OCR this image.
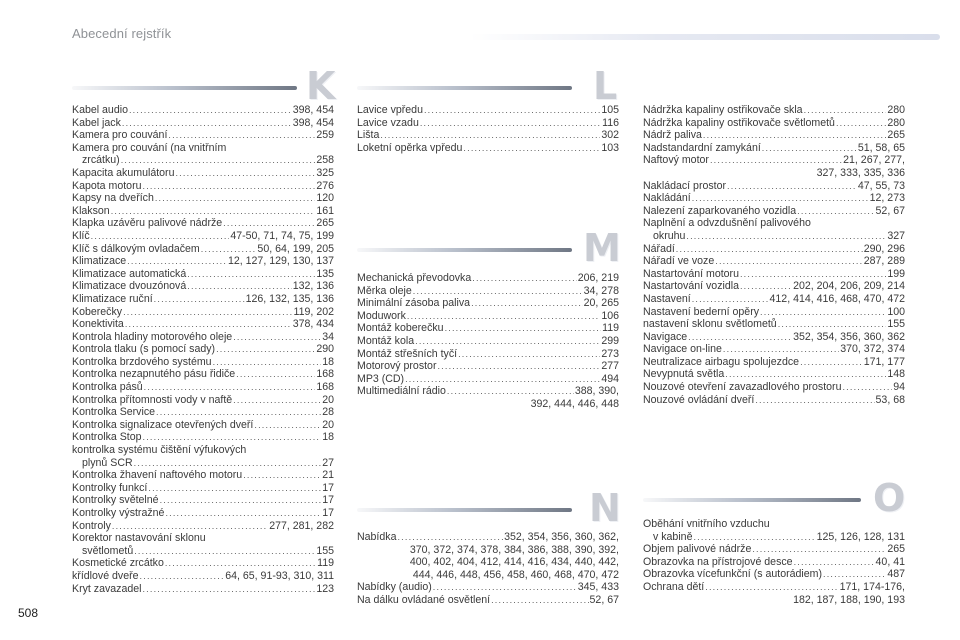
Abecední rejstřík
K	L
M
N	O
Kabel audio .....	398, 454
Kabel jack .....	398, 454
Kamera pro couvání .....	259
Kamera pro couvání (na vnitřním
zrcátku) .....	258
Kapacita akumulátoru .....	325
Kapota motoru .....	276
Kapsy na dveřích .....	120
Klakson .....	161
Klapka uzávěru palivové nádrže .....	265
Klíč .....	47-50, 71, 74, 75, 199
Klíč s dálkovým ovladačem .....	50, 64, 199, 205
Klimatizace .....	12, 127, 129, 130, 137
Klimatizace automatická .....	135
Klimatizace dvouzónová .....	132, 136
Klimatizace ruční .....	126, 132, 135, 136
Koberečky .....	119, 202
Konektivita .....	378, 434
Kontrola hladiny motorového oleje .....	34
Kontrola tlaku (s pomocí sady) .....	290
Kontrolka brzdového systému .....	18
Kontrolka nezapnutého pásu řidiče .....	168
Kontrolka pásů .....	168
Kontrolka přítomnosti vody v naftě .....	20
Kontrolka Service .....	28
Kontrolka signalizace otevřených dveří .....	20
Kontrolka Stop .....	18
kontrolka systému čištění výfukových
plynů SCR .....	27
Kontrolka žhavení naftového motoru .....	21
Kontrolky funkcí .....	17
Kontrolky světelné .....	17
Kontrolky výstražné .....	17
Kontroly .....	277, 281, 282
Korektor nastavování sklonu
světlometů .....	155
Kosmetické zrcátko .....	119
křídlové dveře .....	64, 65, 91-93, 310, 311
Kryt zavazadel .....	123
Lavice vpředu .....	105
Lavice vzadu .....	116
Lišta .....	302
Loketní opěrka vpředu .....	103
Mechanická převodovka .....	206, 219
Měrka oleje .....	34, 278
Minimální zásoba paliva .....	20, 265
Moduwork .....	106
Montáž koberečku .....	119
Montáž kola .....	299
Montáž střešních tyčí .....	273
Motorový prostor .....	277
MP3 (CD) .....	494
Multimediální rádio .....	388, 390,
392, 444, 446, 448
Nabídka .....	352, 354, 356, 360, 362,
370, 372, 374, 378, 384, 386, 388, 390, 392,
400, 402, 404, 412, 414, 416, 434, 440, 442,
444, 446, 448, 456, 458, 460, 468, 470, 472
Nabídky (audio) .....	345, 433
Na dálku ovládané osvětlení .....	52, 67
Nádržka kapaliny ostřikovače skla .....	280
Nádržka kapaliny ostřikovače světlometů .....	280
Nádrž paliva .....	265
Nadstandardní zamykání .....	51, 58, 65
Naftový motor .....	21, 267, 277,
327, 333, 335, 336
Nakládací prostor .....	47, 55, 73
Nakládání .....	12, 273
Nalezení zaparkovaného vozidla .....	52, 67
Naplnění a odvzdušnění palivového
okruhu .....	327
Nářadí .....	290, 296
Nářadí ve voze .....	287, 289
Nastartování motoru .....	199
Nastartování vozidla .....	202, 204, 206, 209, 214
Nastavení .....	412, 414, 416, 468, 470, 472
Nastavení bederní opěry .....	100
nastavení sklonu světlometů .....	155
Navigace .....	352, 354, 356, 360, 362
Navigace on-line .....	370, 372, 374
Neutralizace airbagu spolujezdce .....	171, 177
Nevypnutá světla .....	148
Nouzové otevření zavazadlového prostoru .....	94
Nouzové ovládání dveří .....	53, 68
Oběhání vnitřního vzduchu
v kabině .....	125, 126, 128, 131
Objem palivové nádrže .....	265
Obrazovka na přístrojové desce .....	40, 41
Obrazovka vícefunkční (s autorádiem) .....	487
Ochrana dětí .....	171, 174-176,
182, 187, 188, 190, 193
508
